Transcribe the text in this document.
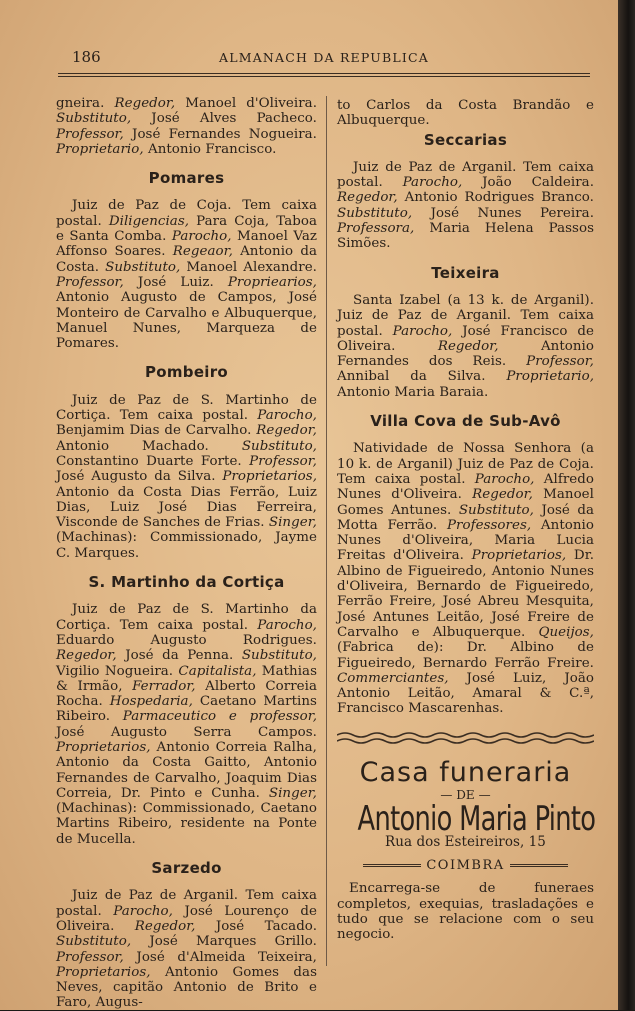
186	ALMANACH DA REPUBLICA

gneira. Regedor, Manoel d'Oliveira. Substituto, José Alves Pacheco. Professor, José Fernandes Nogueira. Proprietario, Antonio Francisco.

Pomares

Juiz de Paz de Coja. Tem caixa postal. Diligencias, Para Coja, Taboa e Santa Comba. Parocho, Manoel Vaz Affonso Soares. Regeaor, Antonio da Costa. Substituto, Manoel Alexandre. Professor, José Luiz. Propriearios, Antonio Augusto de Campos, José Monteiro de Carvalho e Albuquerque, Manuel Nunes, Marqueza de Pomares.

Pombeiro

Juiz de Paz de S. Martinho de Cortiça. Tem caixa postal. Parocho, Benjamim Dias de Carvalho. Regedor, Antonio Machado. Substituto, Constantino Duarte Forte. Professor, José Augusto da Silva. Proprietarios, Antonio da Costa Dias Ferrão, Luiz Dias, Luiz José Dias Ferreira, Visconde de Sanches de Frias. Singer, (Machinas): Commissionado, Jayme C. Marques.

S. Martinho da Cortiça

Juiz de Paz de S. Martinho da Cortiça. Tem caixa postal. Parocho, Eduardo Augusto Rodrigues. Regedor, José da Penna. Substituto, Vigilio Nogueira. Capitalista, Mathias & Irmão, Ferrador, Alberto Correia Rocha. Hospedaria, Caetano Martins Ribeiro. Parmaceutico e professor, José Augusto Serra Campos. Proprietarios, Antonio Correia Ralha, Antonio da Costa Gaitto, Antonio Fernandes de Carvalho, Joaquim Dias Correia, Dr. Pinto e Cunha. Singer, (Machinas): Commissionado, Caetano Martins Ribeiro, residente na Ponte de Mucella.

Sarzedo

Juiz de Paz de Arganil. Tem caixa postal. Parocho, José Lourenço de Oliveira. Regedor, José Tacado. Substituto, José Marques Grillo. Professor, José d'Almeida Teixeira, Proprietarios, Antonio Gomes das Neves, capitão Antonio de Brito e Faro, Augus-

to Carlos da Costa Brandão e Albuquerque.

Seccarias

Juiz de Paz de Arganil. Tem caixa postal. Parocho, João Caldeira. Regedor, Antonio Rodrigues Branco. Substituto, José Nunes Pereira. Professora, Maria Helena Passos Simões.

Teixeira

Santa Izabel (a 13 k. de Arganil). Juiz de Paz de Arganil. Tem caixa postal. Parocho, José Francisco de Oliveira. Regedor, Antonio Fernandes dos Reis. Professor, Annibal da Silva. Proprietario, Antonio Maria Baraia.

Villa Cova de Sub-Avô

Natividade de Nossa Senhora (a 10 k. de Arganil) Juiz de Paz de Coja. Tem caixa postal. Parocho, Alfredo Nunes d'Oliveira. Regedor, Manoel Gomes Antunes. Substituto, José da Motta Ferrão. Professores, Antonio Nunes d'Oliveira, Maria Lucia Freitas d'Oliveira. Proprietarios, Dr. Albino de Figueiredo, Antonio Nunes d'Oliveira, Bernardo de Figueiredo, Ferrão Freire, José Abreu Mesquita, José Antunes Leitão, José Freire de Carvalho e Albuquerque. Queijos, (Fabrica de): Dr. Albino de Figueiredo, Bernardo Ferrão Freire. Commerciantes, José Luiz, João Antonio Leitão, Amaral & C.ª, Francisco Mascarenhas.

Casa funeraria
— DE —
Antonio Maria Pinto
Rua dos Esteireiros, 15
COIMBRA
Encarrega-se de funeraes completos, exequias, trasladações e tudo que se relacione com o seu negocio.
